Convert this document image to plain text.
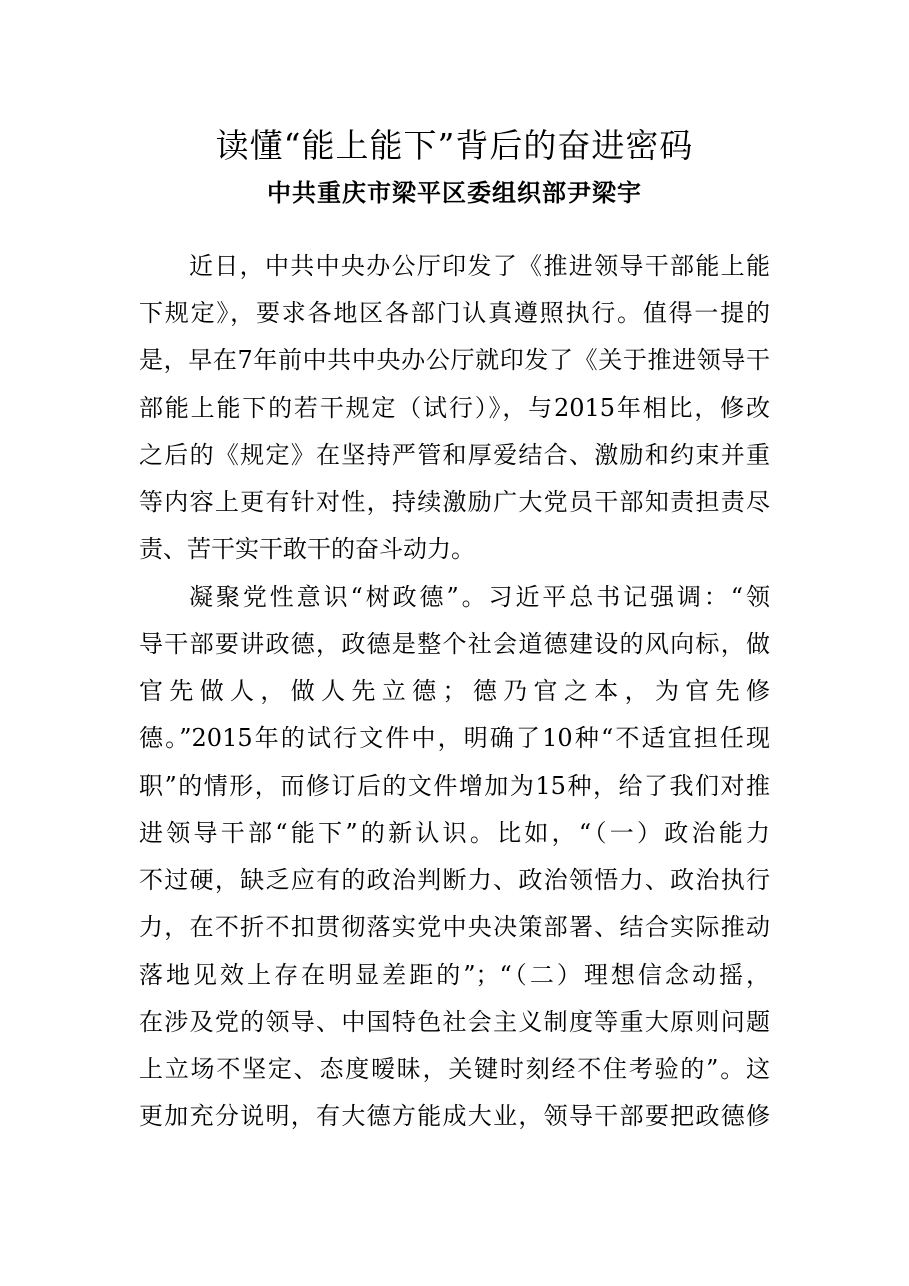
读懂“能上能下”背后的奋进密码
中共重庆市梁平区委组织部尹梁宇
近日，中共中央办公厅印发了《推进领导干部能上能
下规定》，要求各地区各部门认真遵照执行。值得一提的
是，早在7年前中共中央办公厅就印发了《关于推进领导干
部能上能下的若干规定（试行）》，与2015年相比，修改
之后的《规定》在坚持严管和厚爱结合、激励和约束并重
等内容上更有针对性，持续激励广大党员干部知责担责尽
责、苦干实干敢干的奋斗动力。
凝聚党性意识“树政德”。习近平总书记强调：“领
导干部要讲政德，政德是整个社会道德建设的风向标，做
官先做人，做人先立德；德乃官之本，为官先修
德。”2015年的试行文件中，明确了10种“不适宜担任现
职”的情形，而修订后的文件增加为15种，给了我们对推
进领导干部“能下”的新认识。比如，“（一）政治能力
不过硬，缺乏应有的政治判断力、政治领悟力、政治执行
力，在不折不扣贯彻落实党中央决策部署、结合实际推动
落地见效上存在明显差距的”；“（二）理想信念动摇，
在涉及党的领导、中国特色社会主义制度等重大原则问题
上立场不坚定、态度暧昧，关键时刻经不住考验的”。这
更加充分说明，有大德方能成大业，领导干部要把政德修
